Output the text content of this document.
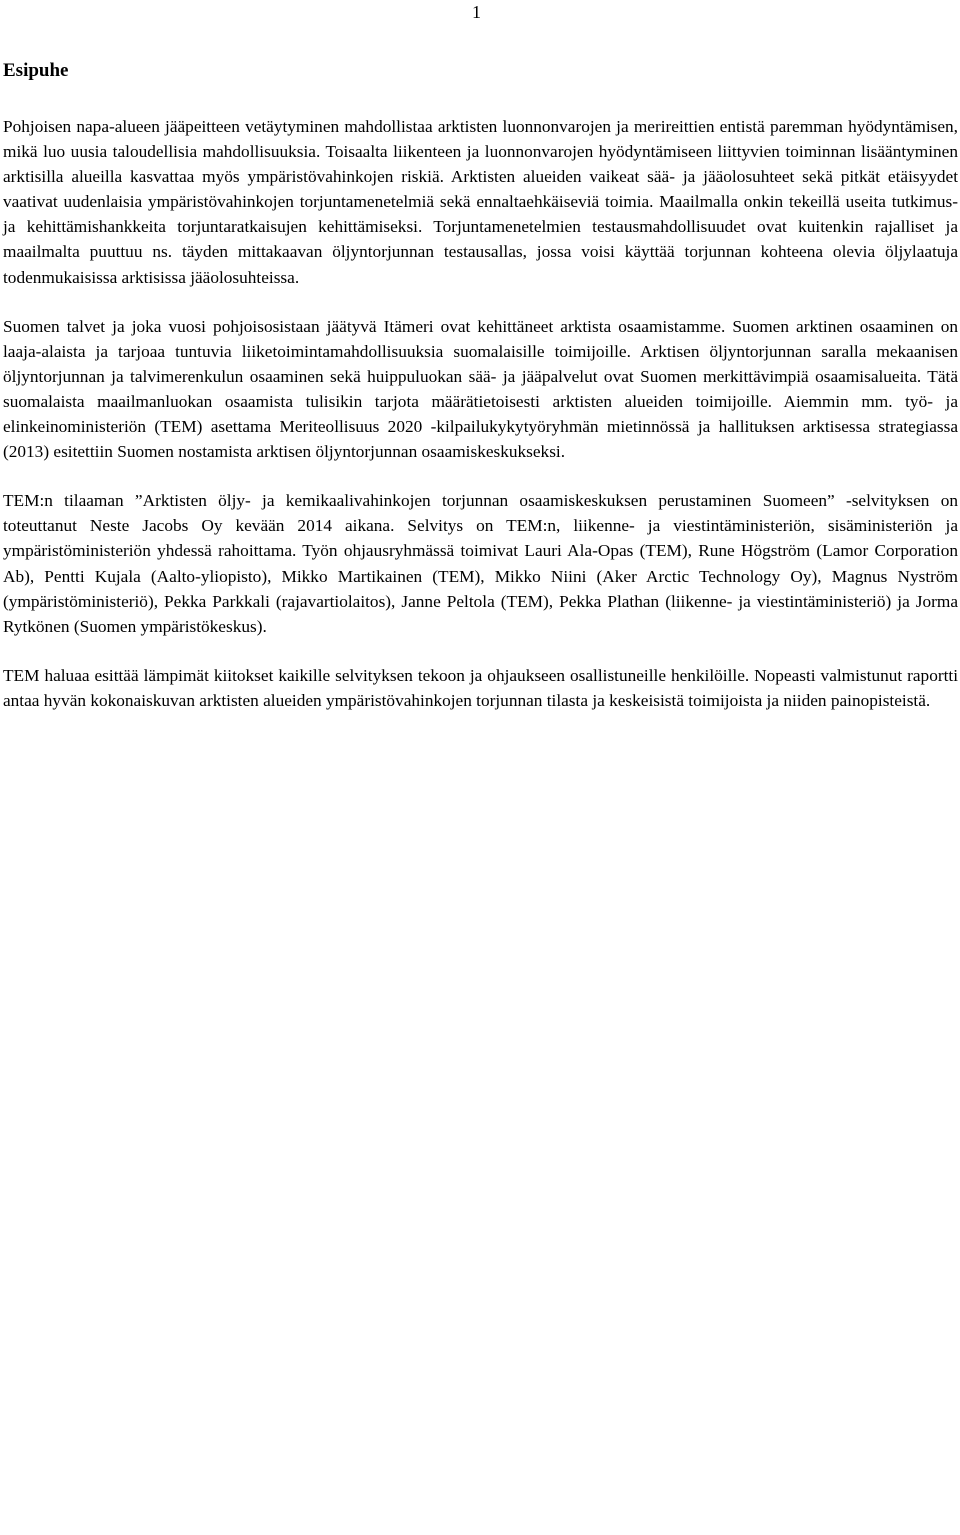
1
Esipuhe

Pohjoisen napa-alueen jääpeitteen vetäytyminen mahdollistaa arktisten luonnonvarojen ja merireittien entistä paremman hyödyntämisen, mikä luo uusia taloudellisia mahdollisuuksia. Toisaalta liikenteen ja luonnonvarojen hyödyntämiseen liittyvien toiminnan lisääntyminen arktisilla alueilla kasvattaa myös ympäristövahinkojen riskiä. Arktisten alueiden vaikeat sää- ja jääolosuhteet sekä pitkät etäisyydet vaativat uudenlaisia ympäristövahinkojen torjuntamenetelmiä sekä ennaltaehkäiseviä toimia. Maailmalla onkin tekeillä useita tutkimus- ja kehittämishankkeita torjuntaratkaisujen kehittämiseksi. Torjuntamenetelmien testausmahdollisuudet ovat kuitenkin rajalliset ja maailmalta puuttuu ns. täyden mittakaavan öljyntorjunnan testausallas, jossa voisi käyttää torjunnan kohteena olevia öljylaatuja todenmukaisissa arktisissa jääolosuhteissa.

Suomen talvet ja joka vuosi pohjoisosistaan jäätyvä Itämeri ovat kehittäneet arktista osaamistamme. Suomen arktinen osaaminen on laaja-alaista ja tarjoaa tuntuvia liiketoimintamahdollisuuksia suomalaisille toimijoille. Arktisen öljyntorjunnan saralla mekaanisen öljyntorjunnan ja talvimerenkulun osaaminen sekä huippuluokan sää- ja jääpalvelut ovat Suomen merkittävimpiä osaamisalueita. Tätä suomalaista maailmanluokan osaamista tulisikin tarjota määrätietoisesti arktisten alueiden toimijoille. Aiemmin mm. työ- ja elinkeinoministeriön (TEM) asettama Meriteollisuus 2020 -kilpailukykytyöryhmän mietinnössä ja hallituksen arktisessa strategiassa (2013) esitettiin Suomen nostamista arktisen öljyntorjunnan osaamiskeskukseksi.

TEM:n tilaaman ”Arktisten öljy- ja kemikaalivahinkojen torjunnan osaamiskeskuksen perustaminen Suomeen” -selvityksen on toteuttanut Neste Jacobs Oy kevään 2014 aikana. Selvitys on TEM:n, liikenne- ja viestintäministeriön, sisäministeriön ja ympäristöministeriön yhdessä rahoittama. Työn ohjausryhmässä toimivat Lauri Ala-Opas (TEM), Rune Högström (Lamor Corporation Ab), Pentti Kujala (Aalto-yliopisto), Mikko Martikainen (TEM), Mikko Niini (Aker Arctic Technology Oy), Magnus Nyström (ympäristöministeriö), Pekka Parkkali (rajavartiolaitos), Janne Peltola (TEM), Pekka Plathan (liikenne- ja viestintäministeriö) ja Jorma Rytkönen (Suomen ympäristökeskus).

TEM haluaa esittää lämpimät kiitokset kaikille selvityksen tekoon ja ohjaukseen osallistuneille henkilöille. Nopeasti valmistunut raportti antaa hyvän kokonaiskuvan arktisten alueiden ympäristövahinkojen torjunnan tilasta ja keskeisistä toimijoista ja niiden painopisteistä.
